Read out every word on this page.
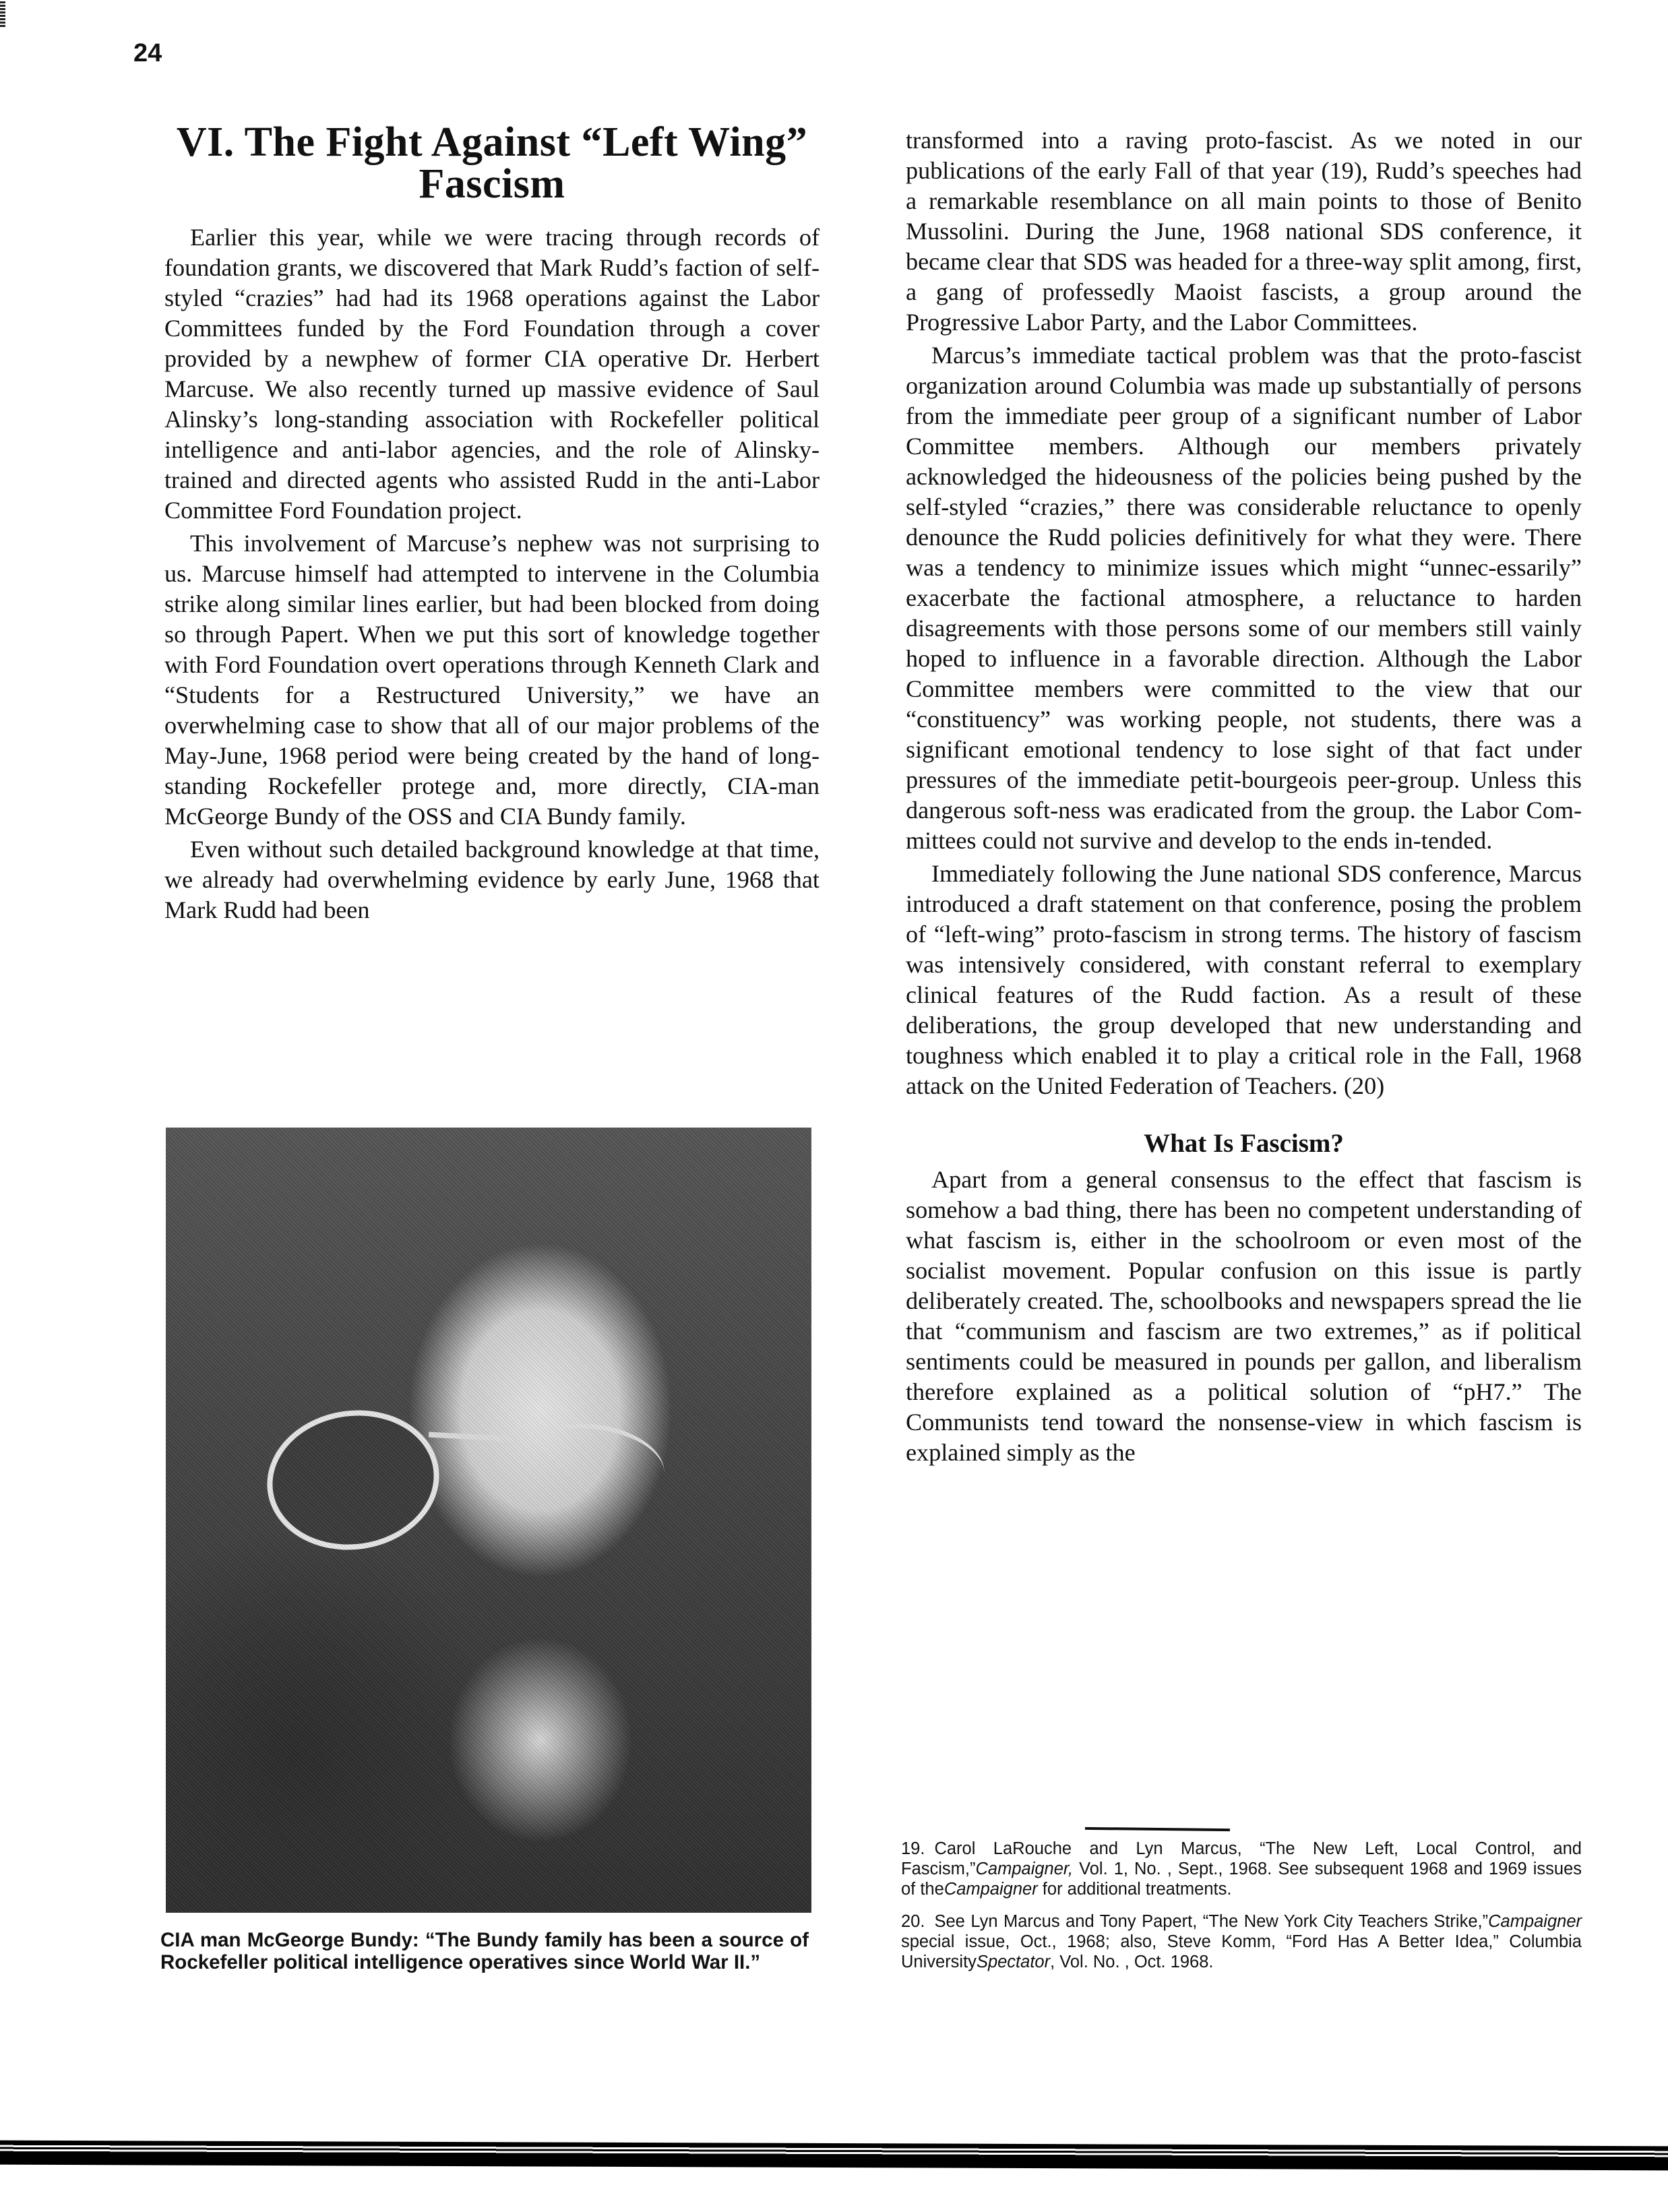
24
VI. The Fight Against “Left Wing” Fascism

Earlier this year, while we were tracing through records of foundation grants, we discovered that Mark Rudd’s faction of self-styled “crazies” had had its 1968 operations against the Labor Committees funded by the Ford Foundation through a cover provided by a newphew of former CIA operative Dr. Herbert Marcuse. We also recently turned up massive evidence of Saul Alinsky’s long-standing association with Rockefeller political intelligence and anti-labor agencies, and the role of Alinsky-trained and directed agents who assisted Rudd in the anti-Labor Committee Ford Foundation project.

This involvement of Marcuse’s nephew was not surprising to us. Marcuse himself had attempted to intervene in the Columbia strike along similar lines earlier, but had been blocked from doing so through Papert. When we put this sort of knowledge together with Ford Foundation overt operations through Kenneth Clark and “Students for a Restructured University,” we have an overwhelming case to show that all of our major problems of the May-June, 1968 period were being created by the hand of long-standing Rockefeller protege and, more directly, CIA-man McGeorge Bundy of the OSS and CIA Bundy family.

Even without such detailed background knowledge at that time, we already had overwhelming evidence by early June, 1968 that Mark Rudd had been

CIA man McGeorge Bundy: “The Bundy family has been a source of Rockefeller political intelligence operatives since World War II.”

transformed into a raving proto-fascist. As we noted in our publications of the early Fall of that year (19), Rudd’s speeches had a remarkable resemblance on all main points to those of Benito Mussolini. During the June, 1968 national SDS conference, it became clear that SDS was headed for a three-way split among, first, a gang of professedly Maoist fascists, a group around the Progressive Labor Party, and the Labor Committees.

Marcus’s immediate tactical problem was that the proto-fascist organization around Columbia was made up substantially of persons from the immediate peer group of a significant number of Labor Committee members. Although our members privately acknowledged the hideousness of the policies being pushed by the self-styled “crazies,” there was considerable reluctance to openly denounce the Rudd policies definitively for what they were. There was a tendency to minimize issues which might “unnec-essarily” exacerbate the factional atmosphere, a reluctance to harden disagreements with those persons some of our members still vainly hoped to influence in a favorable direction. Although the Labor Committee members were committed to the view that our “constituency” was working people, not students, there was a significant emotional tendency to lose sight of that fact under pressures of the immediate petit-bourgeois peer-group. Unless this dangerous soft-ness was eradicated from the group. the Labor Com-mittees could not survive and develop to the ends in-tended.

Immediately following the June national SDS conference, Marcus introduced a draft statement on that conference, posing the problem of “left-wing” proto-fascism in strong terms. The history of fascism was intensively considered, with constant referral to exemplary clinical features of the Rudd faction. As a result of these deliberations, the group developed that new understanding and toughness which enabled it to play a critical role in the Fall, 1968 attack on the United Federation of Teachers. (20)

What Is Fascism?

Apart from a general consensus to the effect that fascism is somehow a bad thing, there has been no competent understanding of what fascism is, either in the schoolroom or even most of the socialist movement. Popular confusion on this issue is partly deliberately created. The, schoolbooks and newspapers spread the lie that “communism and fascism are two extremes,” as if political sentiments could be measured in pounds per gallon, and liberalism therefore explained as a political solution of “pH7.” The Communists tend toward the nonsense-view in which fascism is explained simply as the

19. Carol LaRouche and Lyn Marcus, “The New Left, Local Control, and Fascism,”Campaigner, Vol. 1, No. , Sept., 1968. See subsequent 1968 and 1969 issues of theCampaigner for additional treatments.

20. See Lyn Marcus and Tony Papert, “The New York City Teachers Strike,”Campaigner special issue, Oct., 1968; also, Steve Komm, “Ford Has A Better Idea,” Columbia UniversitySpectator, Vol. No. , Oct. 1968.
